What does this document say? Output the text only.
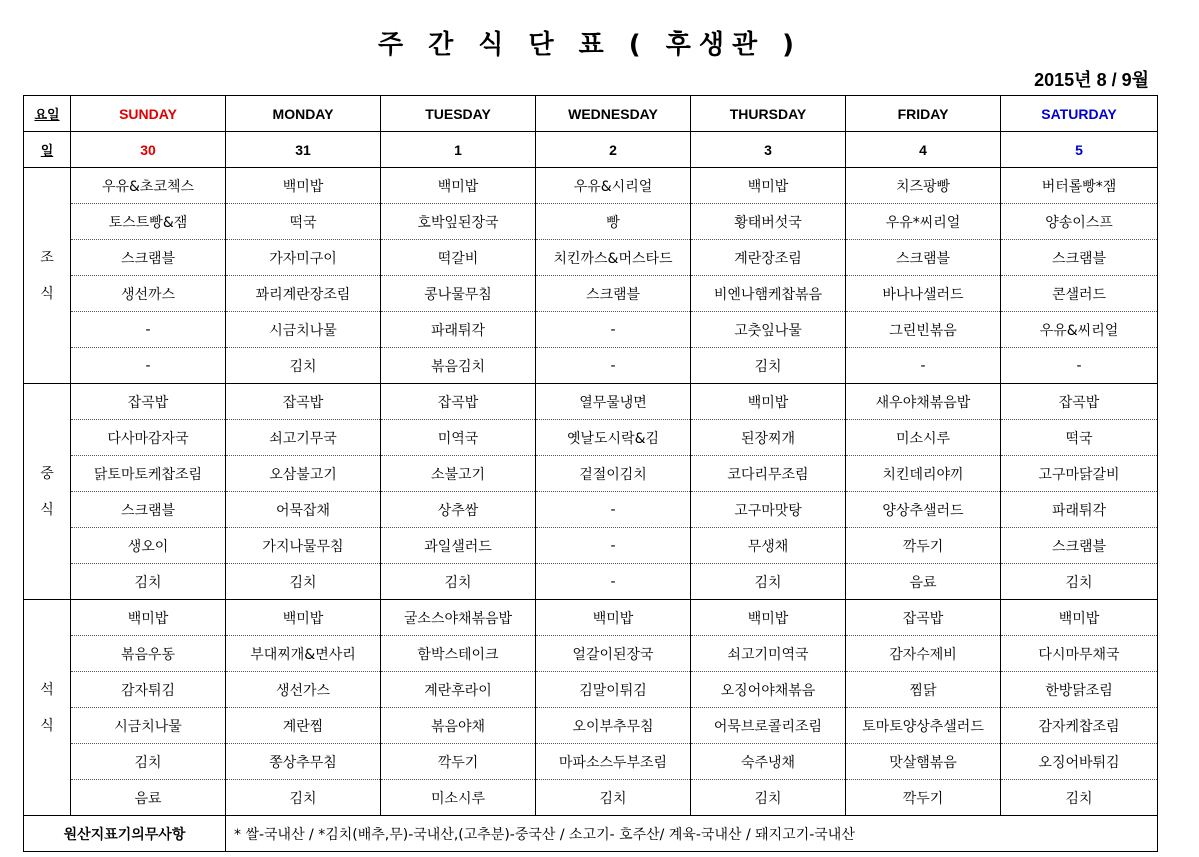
주 간 식 단 표 ( 후생관 )
2015년 8 / 9월
요일	SUNDAY	MONDAY	TUESDAY	WEDNESDAY	THURSDAY	FRIDAY	SATURDAY
일	30	31	1	2	3	4	5

조
식	우유&초코첵스	백미밥	백미밥	우유&시리얼	백미밥	치즈팡빵	버터롤빵*잼
	토스트빵&잼	떡국	호박잎된장국	빵	황태버섯국	우유*씨리얼	양송이스프
	스크램블	가자미구이	떡갈비	치킨까스&머스타드	계란장조림	스크램블	스크램블
	생선까스	꽈리계란장조림	콩나물무침	스크램블	비엔나햄케찹볶음	바나나샐러드	콘샐러드
	-	시금치나물	파래튀각	-	고춧잎나물	그린빈볶음	우유&씨리얼
	-	김치	볶음김치	-	김치	-	-

중
식	잡곡밥	잡곡밥	잡곡밥	열무물냉면	백미밥	새우야채볶음밥	잡곡밥
	다사마감자국	쇠고기무국	미역국	옛날도시락&김	된장찌개	미소시루	떡국
	닭토마토케찹조림	오삼불고기	소불고기	겉절이김치	코다리무조림	치킨데리야끼	고구마닭갈비
	스크램블	어묵잡채	상추쌈	-	고구마맛탕	양상추샐러드	파래튀각
	생오이	가지나물무침	과일샐러드	-	무생채	깍두기	스크램블
	김치	김치	김치	-	김치	음료	김치

석
식	백미밥	백미밥	굴소스야채볶음밥	백미밥	백미밥	잡곡밥	백미밥
	볶음우동	부대찌개&면사리	함박스테이크	얼갈이된장국	쇠고기미역국	감자수제비	다시마무채국
	감자튀김	생선가스	계란후라이	김말이튀김	오징어야채볶음	찜닭	한방닭조림
	시금치나물	계란찜	볶음야채	오이부추무침	어묵브로콜리조림	토마토양상추샐러드	감자케찹조림
	김치	쫑상추무침	깍두기	마파소스두부조림	숙주냉채	맛살햄볶음	오징어바튀김
	음료	김치	미소시루	김치	김치	깍두기	김치
원산지표기의무사항		* 쌀-국내산 / *김치(배추,무)-국내산,(고추분)-중국산 / 소고기- 호주산/ 계육-국내산 / 돼지고기-국내산					
